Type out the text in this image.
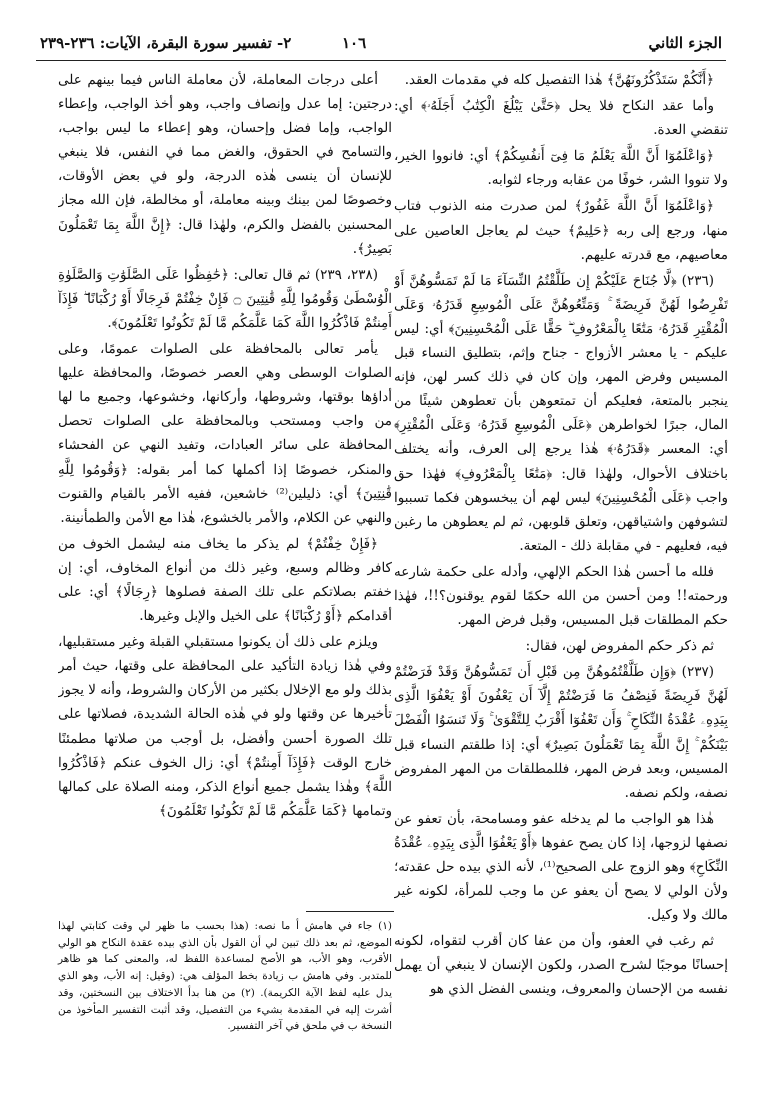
الجزء الثاني
١٠٦
٢- تفسير سورة البقرة، الآيات: ٢٣٦-٢٣٩

﴿أَنَّكُمْ سَتَذْكُرُونَهُنَّ﴾ هٰذا التفصيل كله في مقدمات العقد.

وأما عقد النكاح فلا يحل ﴿حَتَّىٰ يَبْلُغَ الْكِتَٰبُ أَجَلَهُۥ﴾ أي: تنقضي العدة.

﴿وَاعْلَمُوٓا أَنَّ اللَّهَ يَعْلَمُ مَا فِىٓ أَنفُسِكُمْ﴾ أي: فانووا الخير، ولا تنووا الشر، خوفًا من عقابه ورجاء لثوابه.

﴿وَاعْلَمُوٓا أَنَّ اللَّهَ غَفُورٌ﴾ لمن صدرت منه الذنوب فتاب منها، ورجع إلى ربه ﴿حَلِيمٌ﴾ حيث لم يعاجل العاصين على معاصيهم، مع قدرته عليهم.

(٢٣٦) ﴿لَّا جُنَاحَ عَلَيْكُمْ إِن طَلَّقْتُمُ النِّسَآءَ مَا لَمْ تَمَسُّوهُنَّ أَوْ تَفْرِضُوا لَهُنَّ فَرِيضَةً ۚ وَمَتِّعُوهُنَّ عَلَى الْمُوسِعِ قَدَرُهُۥ وَعَلَى الْمُقْتِرِ قَدَرُهُۥ مَتَٰعًا بِالْمَعْرُوفِ ۖ حَقًّا عَلَى الْمُحْسِنِينَ﴾ أي: ليس عليكم - يا معشر الأزواج - جناح وإثم، بتطليق النساء قبل المسيس وفرض المهر، وإن كان في ذلك كسر لهن، فإنه ينجبر بالمتعة، فعليكم أن تمتعوهن بأن تعطوهن شيئًا من المال، جبرًا لخواطرهن ﴿عَلَى الْمُوسِعِ قَدَرُهُۥ وَعَلَى الْمُقْتِرِ﴾ أي: المعسر ﴿قَدَرُهُۥ﴾ هٰذا يرجع إلى العرف، وأنه يختلف باختلاف الأحوال، ولهٰذا قال: ﴿مَتَٰعًا بِالْمَعْرُوفِ﴾ فهٰذا حق واجب ﴿عَلَى الْمُحْسِنِينَ﴾ ليس لهم أن يبخسوهن فكما تسببوا لتشوفهن واشتياقهن، وتعلق قلوبهن، ثم لم يعطوهن ما رغبن فيه، فعليهم - في مقابلة ذلك - المتعة.

فلله ما أحسن هٰذا الحكم الإلهي، وأدله على حكمة شارعه ورحمته!! ومن أحسن من الله حكمًا لقوم يوقنون؟!!، فهٰذا حكم المطلقات قبل المسيس، وقبل فرض المهر.

ثم ذكر حكم المفروض لهن، فقال:

(٢٣٧) ﴿وَإِن طَلَّقْتُمُوهُنَّ مِن قَبْلِ أَن تَمَسُّوهُنَّ وَقَدْ فَرَضْتُمْ لَهُنَّ فَرِيضَةً فَنِصْفُ مَا فَرَضْتُمْ إِلَّآ أَن يَعْفُونَ أَوْ يَعْفُوَا الَّذِى بِيَدِهِۦ عُقْدَةُ النِّكَاحِ ۚ وَأَن تَعْفُوٓا أَقْرَبُ لِلتَّقْوَىٰ ۚ وَلَا تَنسَوُا الْفَضْلَ بَيْنَكُمْ ۚ إِنَّ اللَّهَ بِمَا تَعْمَلُونَ بَصِيرٌ﴾ أي: إذا طلقتم النساء قبل المسيس، وبعد فرض المهر، فللمطلقات من المهر المفروض نصفه، ولكم نصفه.

هٰذا هو الواجب ما لم يدخله عفو ومسامحة، بأن تعفو عن نصفها لزوجها، إذا كان يصح عفوها ﴿أَوْ يَعْفُوَا الَّذِى بِيَدِهِۦ عُقْدَةُ النِّكَاحِ﴾ وهو الزوج على الصحيح⁽¹⁾، لأنه الذي بيده حل عقدته؛ ولأن الولي لا يصح أن يعفو عن ما وجب للمرأة، لكونه غير مالك ولا وكيل.

ثم رغب في العفو، وأن من عفا كان أقرب لتقواه، لكونه إحسانًا موجبًا لشرح الصدر، ولكون الإنسان لا ينبغي أن يهمل نفسه من الإحسان والمعروف، وينسى الفضل الذي هو

أعلى درجات المعاملة، لأن معاملة الناس فيما بينهم على درجتين: إما عدل وإنصاف واجب، وهو أخذ الواجب، وإعطاء الواجب، وإما فضل وإحسان، وهو إعطاء ما ليس بواجب، والتسامح في الحقوق، والغض مما في النفس، فلا ينبغي للإنسان أن ينسى هٰذه الدرجة، ولو في بعض الأوقات، وخصوصًا لمن بينك وبينه معاملة، أو مخالطة، فإن الله مجاز المحسنين بالفضل والكرم، ولهٰذا قال: ﴿إِنَّ اللَّهَ بِمَا تَعْمَلُونَ بَصِيرٌ﴾.

(٢٣٨، ٢٣٩) ثم قال تعالى: ﴿حَٰفِظُوا عَلَى الصَّلَوَٰتِ وَالصَّلَوٰةِ الْوُسْطَىٰ وَقُومُوا لِلَّهِ قَٰنِتِينَ ۝ فَإِنْ خِفْتُمْ فَرِجَالًا أَوْ رُكْبَانًا ۖ فَإِذَآ أَمِنتُمْ فَاذْكُرُوا اللَّهَ كَمَا عَلَّمَكُم مَّا لَمْ تَكُونُوا تَعْلَمُونَ﴾.

يأمر تعالى بالمحافظة على الصلوات عمومًا، وعلى الصلوات الوسطى وهي العصر خصوصًا، والمحافظة عليها أداؤها بوقتها، وشروطها، وأركانها، وخشوعها، وجميع ما لها من واجب ومستحب وبالمحافظة على الصلوات تحصل المحافظة على سائر العبادات، وتفيد النهي عن الفحشاء والمنكر، خصوصًا إذا أكملها كما أمر بقوله: ﴿وَقُومُوا لِلَّهِ قَٰنِتِينَ﴾ أي: ذليلين⁽²⁾ خاشعين، ففيه الأمر بالقيام والقنوت والنهي عن الكلام، والأمر بالخشوع، هٰذا مع الأمن والطمأنينة.

﴿فَإِنْ خِفْتُمْ﴾ لم يذكر ما يخاف منه ليشمل الخوف من كافر وظالم وسبع، وغير ذلك من أنواع المخاوف، أي: إن خفتم بصلاتكم على تلك الصفة فصلوها ﴿رِجَالًا﴾ أي: على أقدامكم ﴿أَوْ رُكْبَانًا﴾ على الخيل والإبل وغيرها.

ويلزم على ذلك أن يكونوا مستقبلي القبلة وغير مستقبليها، وفي هٰذا زيادة التأكيد على المحافظة على وقتها، حيث أمر بذلك ولو مع الإخلال بكثير من الأركان والشروط، وأنه لا يجوز تأخيرها عن وقتها ولو في هٰذه الحالة الشديدة، فصلاتها على تلك الصورة أحسن وأفضل، بل أوجب من صلاتها مطمئنًا خارج الوقت ﴿فَإِذَآ أَمِنتُمْ﴾ أي: زال الخوف عنكم ﴿فَاذْكُرُوا اللَّهَ﴾ وهٰذا يشمل جميع أنواع الذكر، ومنه الصلاة على كمالها وتمامها ﴿كَمَا عَلَّمَكُم مَّا لَمْ تَكُونُوا تَعْلَمُونَ﴾

(١) جاء في هامش أ ما نصه: (هذا بحسب ما ظهر لي وقت كتابتي لهذا الموضع، ثم بعد ذلك تبين لي أن القول بأن الذي بيده عقدة النكاح هو الولي الأقرب، وهو الأب، هو الأصح لمساعدة اللفظ له، والمعنى كما هو ظاهر للمتدبر. وفي هامش ب زيادة بخط المؤلف هي: (وقيل: إنه الأب، وهو الذي يدل عليه لفظ الآية الكريمة). (٢) من هنا بدأ الاختلاف بين النسختين، وقد أشرت إليه في المقدمة بشيء من التفصيل، وقد أثبت التفسير المأخوذ من النسخة ب في ملحق في آخر التفسير.
